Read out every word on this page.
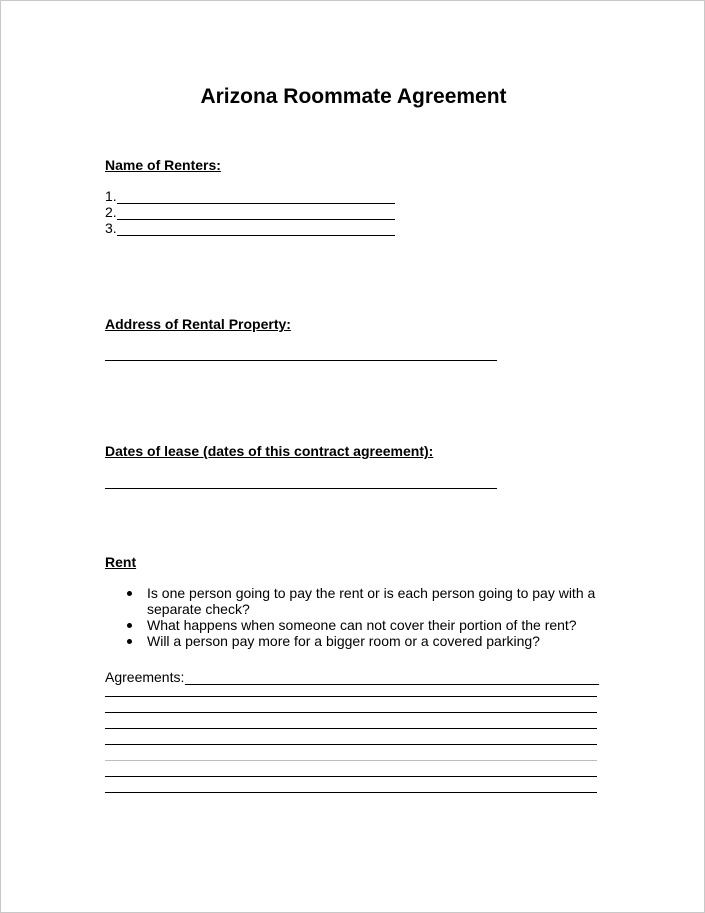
Arizona Roommate Agreement
Name of Renters:
1.
2.
3.
Address of Rental Property:
Dates of lease (dates of this contract agreement):
Rent
Is one person going to pay the rent or is each person going to pay with a separate check?
What happens when someone can not cover their portion of the rent?
Will a person pay more for a bigger room or a covered parking?
Agreements:
